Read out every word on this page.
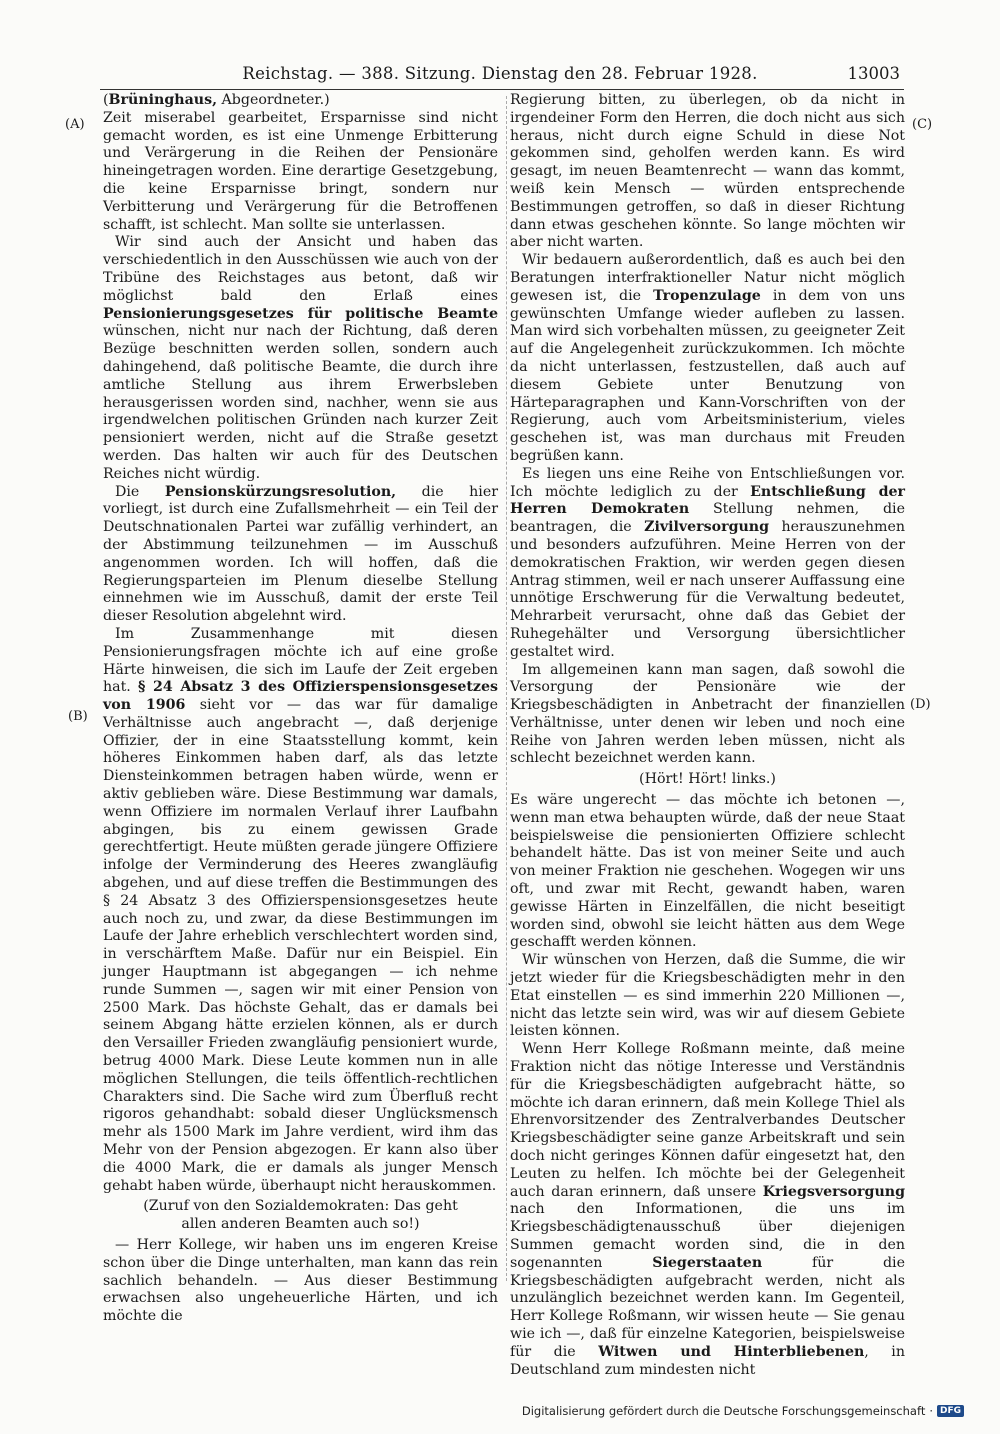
Reichstag. — 388. Sitzung. Dienstag den 28. Februar 1928.	13003
(A)
(B)
(C)
(D)

(Brüninghaus, Abgeordneter.)

Zeit miserabel gearbeitet, Ersparnisse sind nicht gemacht worden, es ist eine Unmenge Erbitterung und Verärgerung in die Reihen der Pensionäre hineingetragen worden. Eine derartige Gesetzgebung, die keine Ersparnisse bringt, sondern nur Verbitterung und Verärgerung für die Betroffenen schafft, ist schlecht. Man sollte sie unterlassen.

Wir sind auch der Ansicht und haben das verschiedentlich in den Ausschüssen wie auch von der Tribüne des Reichstages aus betont, daß wir möglichst bald den Erlaß eines Pensionierungsgesetzes für politische Beamte wünschen, nicht nur nach der Richtung, daß deren Bezüge beschnitten werden sollen, sondern auch dahingehend, daß politische Beamte, die durch ihre amtliche Stellung aus ihrem Erwerbsleben herausgerissen worden sind, nachher, wenn sie aus irgendwelchen politischen Gründen nach kurzer Zeit pensioniert werden, nicht auf die Straße gesetzt werden. Das halten wir auch für des Deutschen Reiches nicht würdig.

Die Pensionskürzungsresolution, die hier vorliegt, ist durch eine Zufallsmehrheit — ein Teil der Deutschnationalen Partei war zufällig verhindert, an der Abstimmung teilzunehmen — im Ausschuß angenommen worden. Ich will hoffen, daß die Regierungsparteien im Plenum dieselbe Stellung einnehmen wie im Ausschuß, damit der erste Teil dieser Resolution abgelehnt wird.

Im Zusammenhange mit diesen Pensionierungsfragen möchte ich auf eine große Härte hinweisen, die sich im Laufe der Zeit ergeben hat. § 24 Absatz 3 des Offizierspensionsgesetzes von 1906 sieht vor — das war für damalige Verhältnisse auch angebracht —, daß derjenige Offizier, der in eine Staatsstellung kommt, kein höheres Einkommen haben darf, als das letzte Diensteinkommen betragen haben würde, wenn er aktiv geblieben wäre. Diese Bestimmung war damals, wenn Offiziere im normalen Verlauf ihrer Laufbahn abgingen, bis zu einem gewissen Grade gerechtfertigt. Heute müßten gerade jüngere Offiziere infolge der Verminderung des Heeres zwangläufig abgehen, und auf diese treffen die Bestimmungen des § 24 Absatz 3 des Offizierspensionsgesetzes heute auch noch zu, und zwar, da diese Bestimmungen im Laufe der Jahre erheblich verschlechtert worden sind, in verschärftem Maße. Dafür nur ein Beispiel. Ein junger Hauptmann ist abgegangen — ich nehme runde Summen —, sagen wir mit einer Pension von 2500 Mark. Das höchste Gehalt, das er damals bei seinem Abgang hätte erzielen können, als er durch den Versailler Frieden zwangläufig pensioniert wurde, betrug 4000 Mark. Diese Leute kommen nun in alle möglichen Stellungen, die teils öffentlich-rechtlichen Charakters sind. Die Sache wird zum Überfluß recht rigoros gehandhabt: sobald dieser Unglücksmensch mehr als 1500 Mark im Jahre verdient, wird ihm das Mehr von der Pension abgezogen. Er kann also über die 4000 Mark, die er damals als junger Mensch gehabt haben würde, überhaupt nicht herauskommen.

(Zuruf von den Sozialdemokraten: Das geht allen anderen Beamten auch so!)

— Herr Kollege, wir haben uns im engeren Kreise schon über die Dinge unterhalten, man kann das rein sachlich behandeln. — Aus dieser Bestimmung erwachsen also ungeheuerliche Härten, und ich möchte die

Regierung bitten, zu überlegen, ob da nicht in irgendeiner Form den Herren, die doch nicht aus sich heraus, nicht durch eigne Schuld in diese Not gekommen sind, geholfen werden kann. Es wird gesagt, im neuen Beamtenrecht — wann das kommt, weiß kein Mensch — würden entsprechende Bestimmungen getroffen, so daß in dieser Richtung dann etwas geschehen könnte. So lange möchten wir aber nicht warten.

Wir bedauern außerordentlich, daß es auch bei den Beratungen interfraktioneller Natur nicht möglich gewesen ist, die Tropenzulage in dem von uns gewünschten Umfange wieder aufleben zu lassen. Man wird sich vorbehalten müssen, zu geeigneter Zeit auf die Angelegenheit zurückzukommen. Ich möchte da nicht unterlassen, festzustellen, daß auch auf diesem Gebiete unter Benutzung von Härteparagraphen und Kann-Vorschriften von der Regierung, auch vom Arbeitsministerium, vieles geschehen ist, was man durchaus mit Freuden begrüßen kann.

Es liegen uns eine Reihe von Entschließungen vor. Ich möchte lediglich zu der Entschließung der Herren Demokraten Stellung nehmen, die beantragen, die Zivilversorgung herauszunehmen und besonders aufzuführen. Meine Herren von der demokratischen Fraktion, wir werden gegen diesen Antrag stimmen, weil er nach unserer Auffassung eine unnötige Erschwerung für die Verwaltung bedeutet, Mehrarbeit verursacht, ohne daß das Gebiet der Ruhegehälter und Versorgung übersichtlicher gestaltet wird.

Im allgemeinen kann man sagen, daß sowohl die Versorgung der Pensionäre wie der Kriegsbeschädigten in Anbetracht der finanziellen Verhältnisse, unter denen wir leben und noch eine Reihe von Jahren werden leben müssen, nicht als schlecht bezeichnet werden kann.

(Hört! Hört! links.)

Es wäre ungerecht — das möchte ich betonen —, wenn man etwa behaupten würde, daß der neue Staat beispielsweise die pensionierten Offiziere schlecht behandelt hätte. Das ist von meiner Seite und auch von meiner Fraktion nie geschehen. Wogegen wir uns oft, und zwar mit Recht, gewandt haben, waren gewisse Härten in Einzelfällen, die nicht beseitigt worden sind, obwohl sie leicht hätten aus dem Wege geschafft werden können.

Wir wünschen von Herzen, daß die Summe, die wir jetzt wieder für die Kriegsbeschädigten mehr in den Etat einstellen — es sind immerhin 220 Millionen —, nicht das letzte sein wird, was wir auf diesem Gebiete leisten können.

Wenn Herr Kollege Roßmann meinte, daß meine Fraktion nicht das nötige Interesse und Verständnis für die Kriegsbeschädigten aufgebracht hätte, so möchte ich daran erinnern, daß mein Kollege Thiel als Ehrenvorsitzender des Zentralverbandes Deutscher Kriegsbeschädigter seine ganze Arbeitskraft und sein doch nicht geringes Können dafür eingesetzt hat, den Leuten zu helfen. Ich möchte bei der Gelegenheit auch daran erinnern, daß unsere Kriegsversorgung nach den Informationen, die uns im Kriegsbeschädigtenausschuß über diejenigen Summen gemacht worden sind, die in den sogenannten Siegerstaaten für die Kriegsbeschädigten aufgebracht werden, nicht als unzulänglich bezeichnet werden kann. Im Gegenteil, Herr Kollege Roßmann, wir wissen heute — Sie genau wie ich —, daß für einzelne Kategorien, beispielsweise für die Witwen und Hinterbliebenen, in Deutschland zum mindesten nicht

Digitalisierung gefördert durch die Deutsche Forschungsgemeinschaft · DFG
